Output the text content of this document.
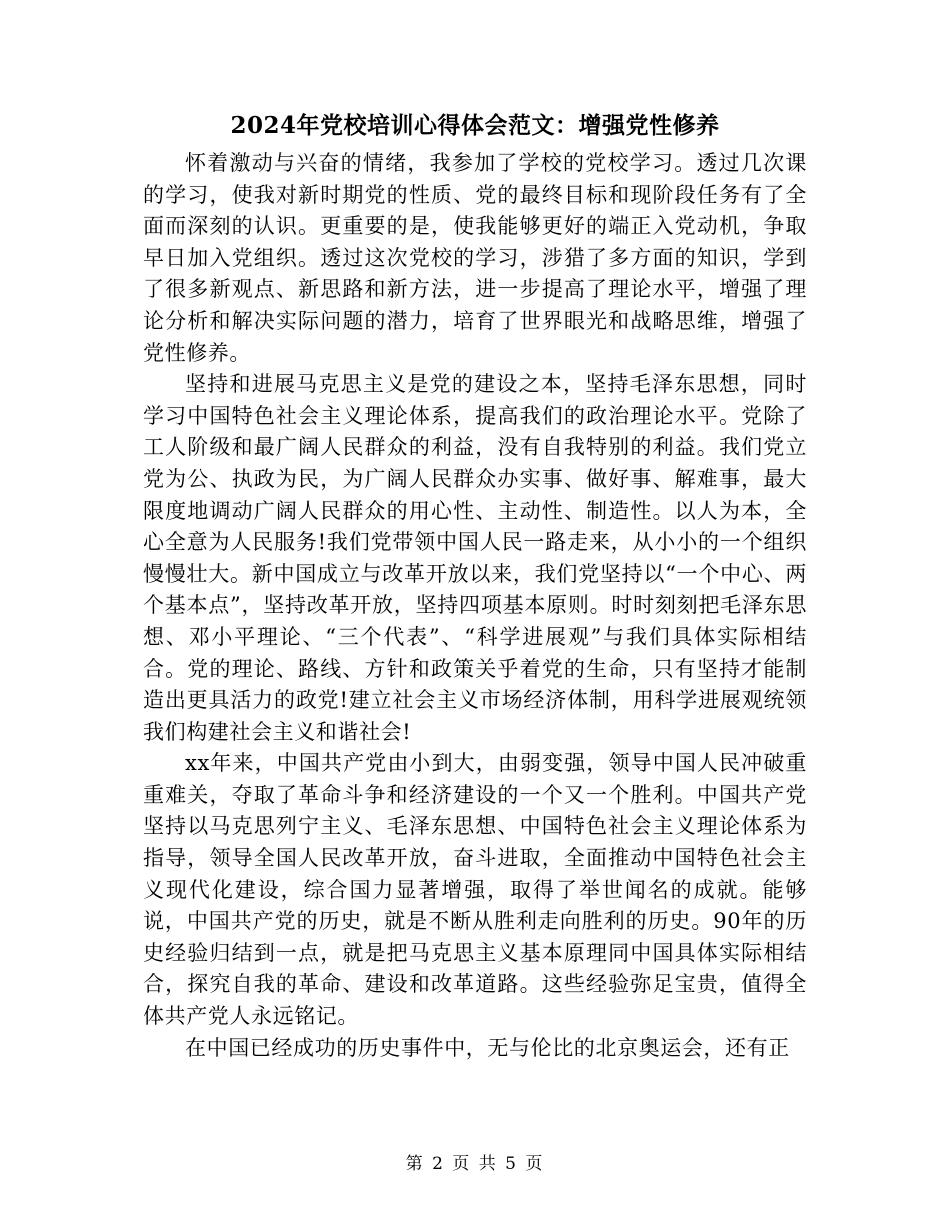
2024年党校培训心得体会范文：增强党性修养

怀着激动与兴奋的情绪，我参加了学校的党校学习。透过几次课的学习，使我对新时期党的性质、党的最终目标和现阶段任务有了全面而深刻的认识。更重要的是，使我能够更好的端正入党动机，争取早日加入党组织。透过这次党校的学习，涉猎了多方面的知识，学到了很多新观点、新思路和新方法，进一步提高了理论水平，增强了理论分析和解决实际问题的潜力，培育了世界眼光和战略思维，增强了党性修养。

坚持和进展马克思主义是党的建设之本，坚持毛泽东思想，同时学习中国特色社会主义理论体系，提高我们的政治理论水平。党除了工人阶级和最广阔人民群众的利益，没有自我特别的利益。我们党立党为公、执政为民，为广阔人民群众办实事、做好事、解难事，最大限度地调动广阔人民群众的用心性、主动性、制造性。以人为本，全心全意为人民服务!我们党带领中国人民一路走来，从小小的一个组织慢慢壮大。新中国成立与改革开放以来，我们党坚持以“一个中心、两个基本点”，坚持改革开放，坚持四项基本原则。时时刻刻把毛泽东思想、邓小平理论、“三个代表”、“科学进展观”与我们具体实际相结合。党的理论、路线、方针和政策关乎着党的生命，只有坚持才能制造出更具活力的政党!建立社会主义市场经济体制，用科学进展观统领我们构建社会主义和谐社会!

xx年来，中国共产党由小到大，由弱变强，领导中国人民冲破重重难关，夺取了革命斗争和经济建设的一个又一个胜利。中国共产党坚持以马克思列宁主义、毛泽东思想、中国特色社会主义理论体系为指导，领导全国人民改革开放，奋斗进取，全面推动中国特色社会主义现代化建设，综合国力显著增强，取得了举世闻名的成就。能够说，中国共产党的历史，就是不断从胜利走向胜利的历史。90年的历史经验归结到一点，就是把马克思主义基本原理同中国具体实际相结合，探究自我的革命、建设和改革道路。这些经验弥足宝贵，值得全体共产党人永远铭记。

在中国已经成功的历史事件中，无与伦比的北京奥运会，还有正

第 2 页 共 5 页
